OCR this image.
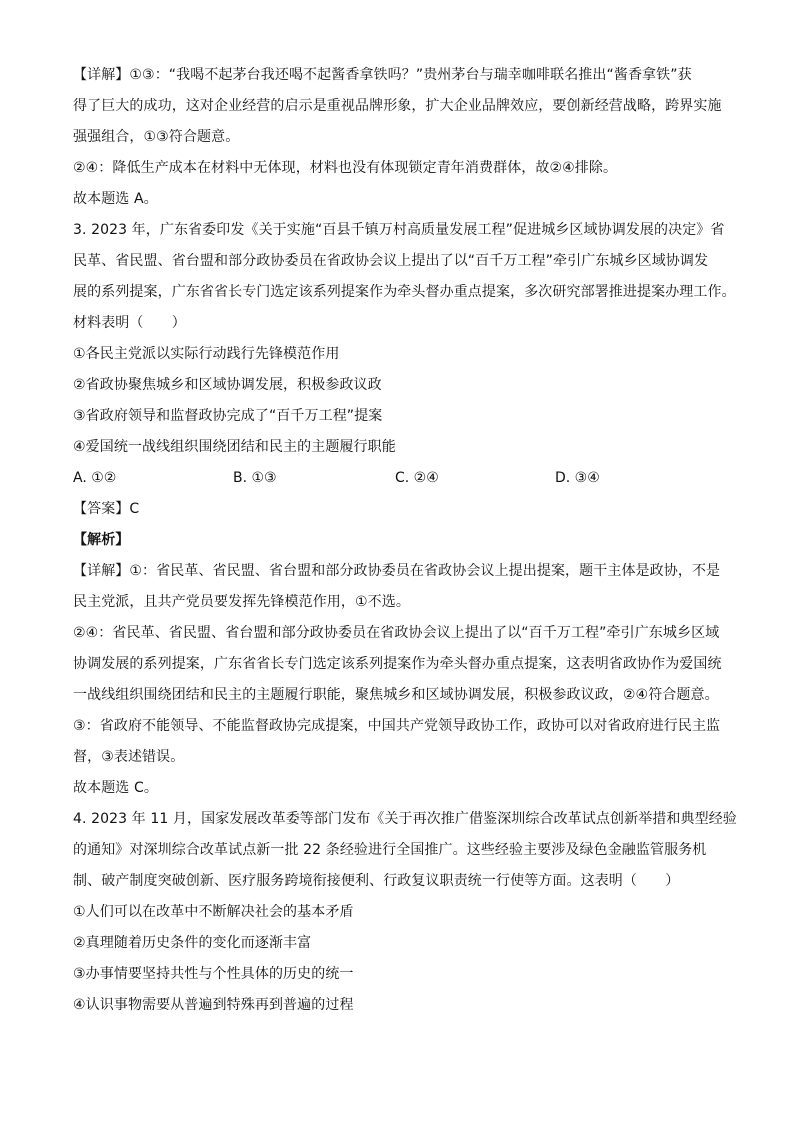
【详解】①③：“我喝不起茅台我还喝不起酱香拿铁吗？”贵州茅台与瑞幸咖啡联名推出“酱香拿铁”获
得了巨大的成功，这对企业经营的启示是重视品牌形象，扩大企业品牌效应，要创新经营战略，跨界实施
强强组合，①③符合题意。
②④：降低生产成本在材料中无体现，材料也没有体现锁定青年消费群体，故②④排除。
故本题选 A。
3. 2023 年，广东省委印发《关于实施“百县千镇万村高质量发展工程”促进城乡区域协调发展的决定》省
民革、省民盟、省台盟和部分政协委员在省政协会议上提出了以“百千万工程”牵引广东城乡区域协调发
展的系列提案，广东省省长专门选定该系列提案作为牵头督办重点提案，多次研究部署推进提案办理工作。
材料表明（　　）
①各民主党派以实际行动践行先锋模范作用
②省政协聚焦城乡和区域协调发展，积极参政议政
③省政府领导和监督政协完成了“百千万工程”提案
④爱国统一战线组织围绕团结和民主的主题履行职能
A. ①②	B. ①③	C. ②④	D. ③④
【答案】C
【解析】
【详解】①：省民革、省民盟、省台盟和部分政协委员在省政协会议上提出提案，题干主体是政协，不是
民主党派，且共产党员要发挥先锋模范作用，①不选。
②④：省民革、省民盟、省台盟和部分政协委员在省政协会议上提出了以“百千万工程”牵引广东城乡区域
协调发展的系列提案，广东省省长专门选定该系列提案作为牵头督办重点提案，这表明省政协作为爱国统
一战线组织围绕团结和民主的主题履行职能，聚焦城乡和区域协调发展，积极参政议政，②④符合题意。
③：省政府不能领导、不能监督政协完成提案，中国共产党领导政协工作，政协可以对省政府进行民主监
督，③表述错误。
故本题选 C。
4. 2023 年 11 月，国家发展改革委等部门发布《关于再次推广借鉴深圳综合改革试点创新举措和典型经验
的通知》对深圳综合改革试点新一批 22 条经验进行全国推广。这些经验主要涉及绿色金融监管服务机
制、破产制度突破创新、医疗服务跨境衔接便利、行政复议职责统一行使等方面。这表明（　　）
①人们可以在改革中不断解决社会的基本矛盾
②真理随着历史条件的变化而逐渐丰富
③办事情要坚持共性与个性具体的历史的统一
④认识事物需要从普遍到特殊再到普遍的过程
